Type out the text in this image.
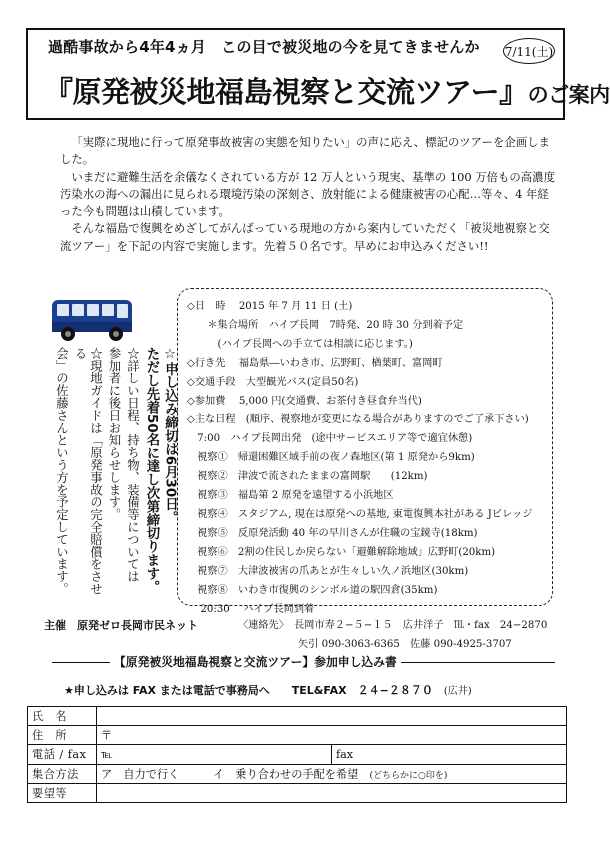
過酷事故から4年4ヵ月　この目で被災地の今を見てきませんか 7/11(土)
『原発被災地福島視察と交流ツアー』のご案内

「実際に現地に行って原発事故被害の実態を知りたい」の声に応え、標記のツアーを企画しました。

いまだに避難生活を余儀なくされている方が 12 万人という現実、基準の 100 万倍もの高濃度汚染水の海への漏出に見られる環境汚染の深刻さ、放射能による健康被害の心配…等々、4 年経った今も問題は山積しています。

そんな福島で復興をめざしてがんばっている現地の方から案内していただく「被災地視察と交流ツアー」を下記の内容で実施します。先着５０名です。早めにお申込みください!!

☆申し込み締切は6月30日。
ただし先着50名に達し次第締切ります。
☆詳しい日程、持ち物、装備等については
参加者に後日お知らせします。
☆現地ガイドは「原発事故の完全賠償をさせる
会」の佐藤さんという方を予定しています。
◇日　時　 2015 年 7 月 11 日 (土)
　　＊集合場所　ハイブ長岡　7時発、20 時 30 分到着予定
　　　(ハイブ長岡への手立ては相談に応じます。)
◇行き先　 福島県―いわき市、広野町、楢葉町、富岡町
◇交通手段　大型観光バス(定員50名)
◇参加費　 5,000 円(交通費、お茶付き昼食弁当代)
◇主な日程　(順序、視察地が変更になる場合がありますのでご了承下さい)
　7:00　ハイブ長岡出発　(途中サービスエリア等で適宜休憩)
　視察①　帰還困難区域手前の夜ノ森地区(第 1 原発から9km)
　視察②　津波で流されたままの富岡駅　　(12km)
　視察③　福島第 2 原発を遠望する小浜地区
　視察④　スタジアム, 現在は原発への基地, 東電復興本社がある Jビレッジ
　視察⑤　反原発活動 40 年の早川さんが住職の宝鏡寺(18km)
　視察⑥　2割の住民しか戻らない「避難解除地域」広野町(20km)
　視察⑦　大津波被害の爪あとが生々しい久ノ浜地区(30km)
　視察⑧　いわき市復興のシンボル道の駅四倉(35km)
　 20:30　 ハイブ長岡到着
主催　原発ゼロ長岡市民ネット	〈連絡先〉　長岡市寿２−５−１５　広井洋子　℡・fax　24−2870
矢引 090-3063-6365　佐藤 090-4925-3707
【原発被災地福島視察と交流ツアー】参加申し込み書
★申し込みは FAX または電話で事務局へ　　TEL&FAX　２４−２８７０　 (広井)
氏　名		
住　所	〒	
電話 / fax	℡	fax
集合方法	ア　自力で行く　　　イ　乗り合わせの手配を希望　 (どちらかに○印を)	
要望等		
